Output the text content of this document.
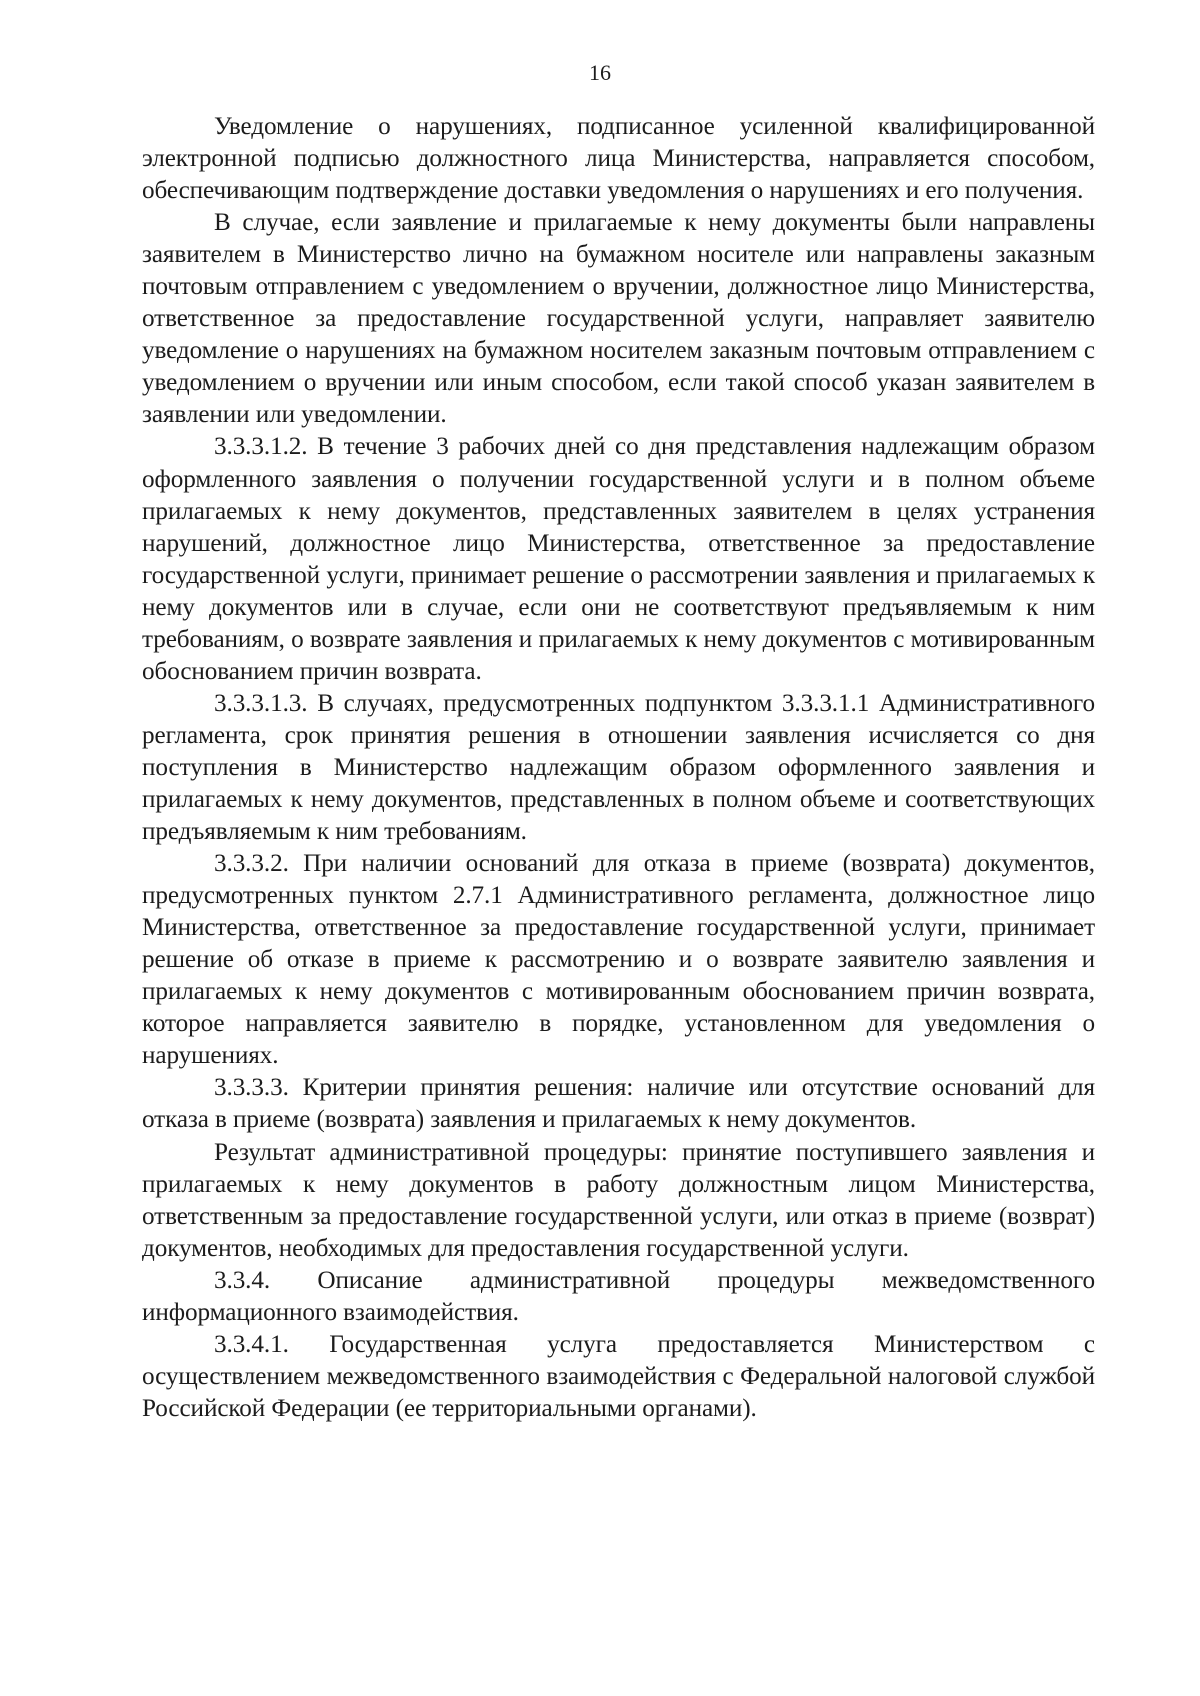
16

Уведомление о нарушениях, подписанное усиленной квалифицированной электронной подписью должностного лица Министерства, направляется способом, обеспечивающим подтверждение доставки уведомления о нарушениях и его получения.

В случае, если заявление и прилагаемые к нему документы были направлены заявителем в Министерство лично на бумажном носителе или направлены заказным почтовым отправлением с уведомлением о вручении, должностное лицо Министерства, ответственное за предоставление государственной услуги, направляет заявителю уведомление о нарушениях на бумажном носителем заказным почтовым отправлением с уведомлением о вручении или иным способом, если такой способ указан заявителем в заявлении или уведомлении.

3.3.3.1.2. В течение 3 рабочих дней со дня представления надлежащим образом оформленного заявления о получении государственной услуги и в полном объеме прилагаемых к нему документов, представленных заявителем в целях устранения нарушений, должностное лицо Министерства, ответственное за предоставление государственной услуги, принимает решение о рассмотрении заявления и прилагаемых к нему документов или в случае, если они не соответствуют предъявляемым к ним требованиям, о возврате заявления и прилагаемых к нему документов с мотивированным обоснованием причин возврата.

3.3.3.1.3. В случаях, предусмотренных подпунктом 3.3.3.1.1 Административного регламента, срок принятия решения в отношении заявления исчисляется со дня поступления в Министерство надлежащим образом оформленного заявления и прилагаемых к нему документов, представленных в полном объеме и соответствующих предъявляемым к ним требованиям.

3.3.3.2. При наличии оснований для отказа в приеме (возврата) документов, предусмотренных пунктом 2.7.1 Административного регламента, должностное лицо Министерства, ответственное за предоставление государственной услуги, принимает решение об отказе в приеме к рассмотрению и о возврате заявителю заявления и прилагаемых к нему документов с мотивированным обоснованием причин возврата, которое направляется заявителю в порядке, установленном для уведомления о нарушениях.

3.3.3.3. Критерии принятия решения: наличие или отсутствие оснований для отказа в приеме (возврата) заявления и прилагаемых к нему документов.

Результат административной процедуры: принятие поступившего заявления и прилагаемых к нему документов в работу должностным лицом Министерства, ответственным за предоставление государственной услуги, или отказ в приеме (возврат) документов, необходимых для предоставления государственной услуги.

3.3.4. Описание административной процедуры межведомственного информационного взаимодействия.

3.3.4.1. Государственная услуга предоставляется Министерством с осуществлением межведомственного взаимодействия с Федеральной налоговой службой Российской Федерации (ее территориальными органами).
